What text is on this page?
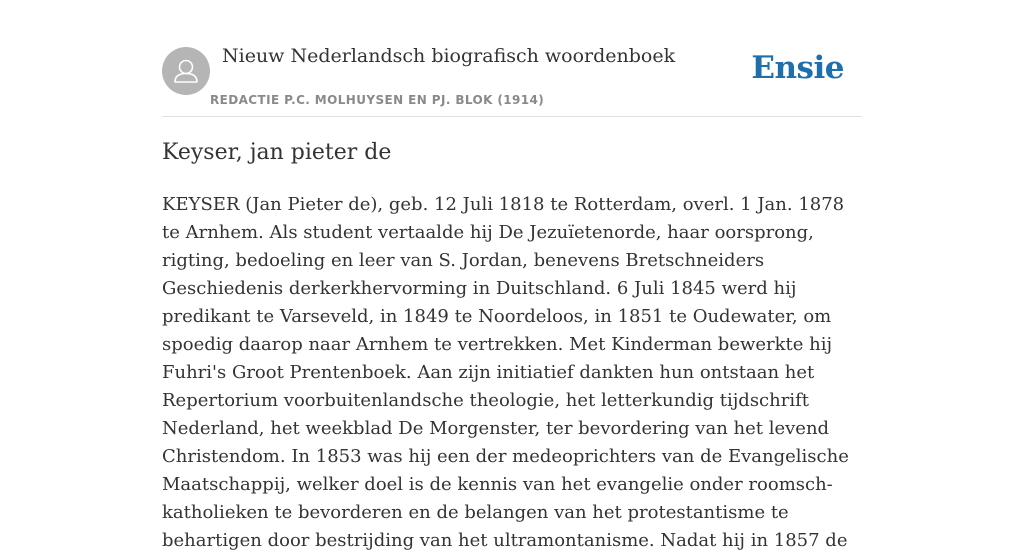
Nieuw Nederlandsch biografisch woordenboek
REDACTIE P.C. MOLHUYSEN EN PJ. BLOK (1914)
Ensie
Keyser, jan pieter de

KEYSER (Jan Pieter de), geb. 12 Juli 1818 te Rotterdam, overl. 1 Jan. 1878 te Arnhem. Als student vertaalde hij De Jezuïetenorde, haar oorsprong, rigting, bedoeling en leer van S. Jordan, benevens Bretschneiders Geschiedenis derkerkhervorming in Duitschland. 6 Juli 1845 werd hij predikant te Varseveld, in 1849 te Noordeloos, in 1851 te Oudewater, om spoedig daarop naar Arnhem te vertrekken. Met Kinderman bewerkte hij Fuhri's Groot Prentenboek. Aan zijn initiatief dankten hun ontstaan het Repertorium voorbuitenlandsche theologie, het letterkundig tijdschrift Nederland, het weekblad De Morgenster, ter bevordering van het levend Christendom. In 1853 was hij een der medeoprichters van de Evangelische Maatschappij, welker doel is de kennis van het evangelie onder roomsch-katholieken te bevorderen en de belangen van het protestantisme te behartigen door bestrijding van het ultramontanisme. Nadat hij in 1857 de
